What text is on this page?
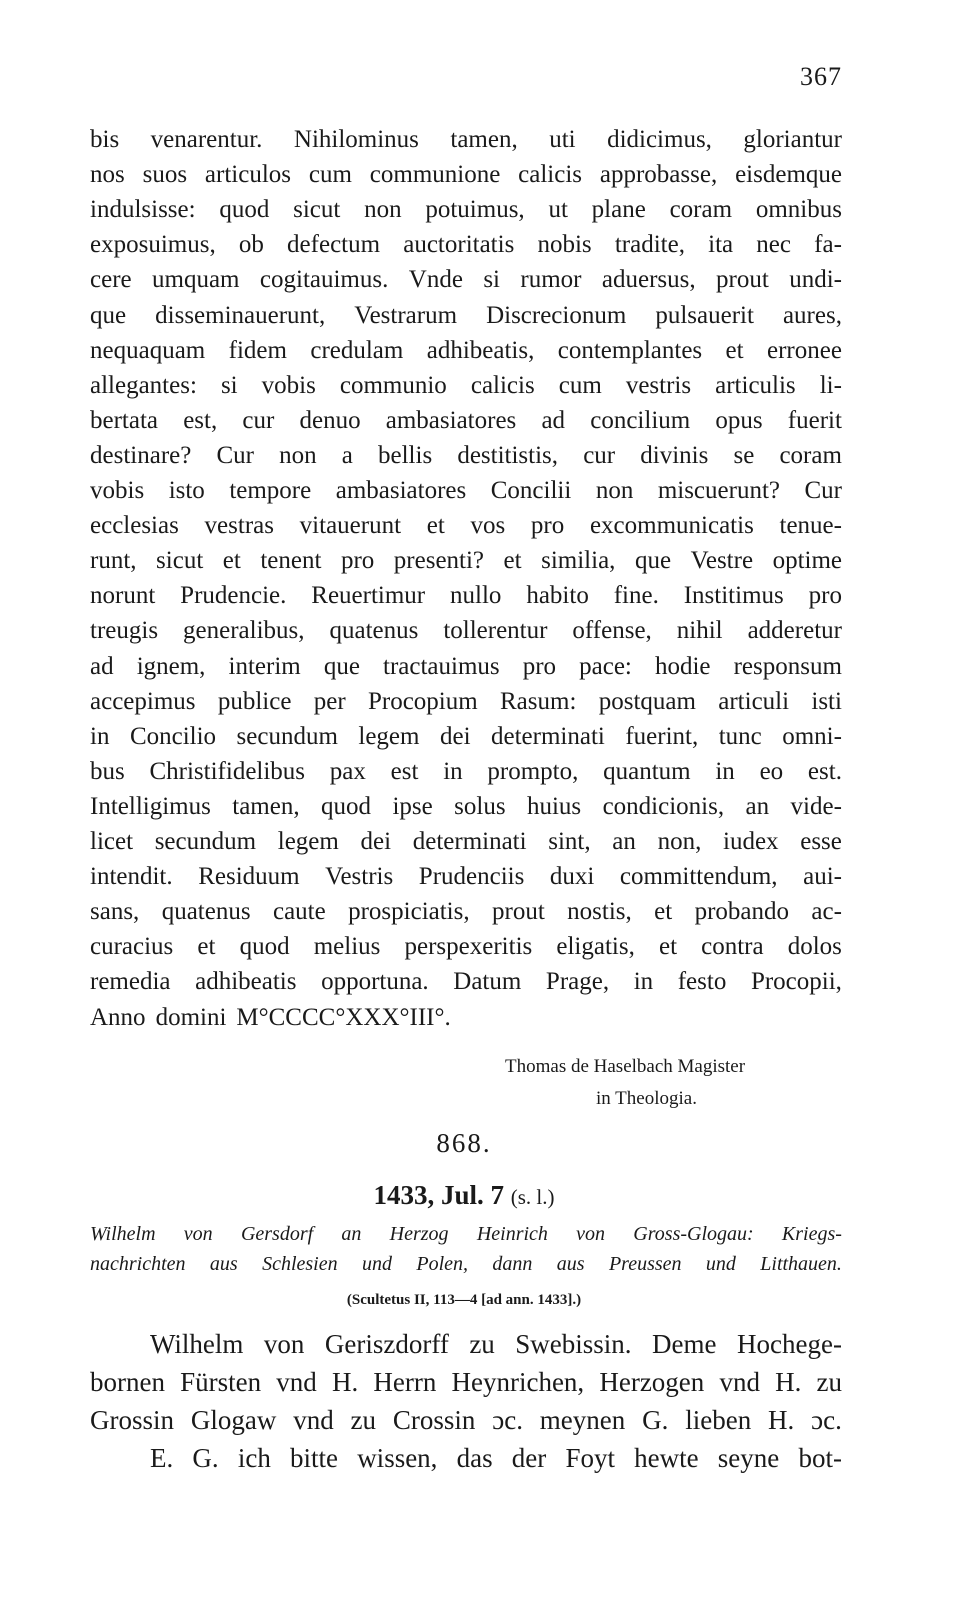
367
bis venarentur. Nihilominus tamen, uti didicimus, gloriantur
nos suos articulos cum communione calicis approbasse, eisdemque
indulsisse: quod sicut non potuimus, ut plane coram omnibus
exposuimus, ob defectum auctoritatis nobis tradite, ita nec fa-
cere umquam cogitauimus. Vnde si rumor aduersus, prout undi-
que disseminauerunt, Vestrarum Discrecionum pulsauerit aures,
nequaquam fidem credulam adhibeatis, contemplantes et erronee
allegantes: si vobis communio calicis cum vestris articulis li-
bertata est, cur denuo ambasiatores ad concilium opus fuerit
destinare? Cur non a bellis destitistis, cur divinis se coram
vobis isto tempore ambasiatores Concilii non miscuerunt? Cur
ecclesias vestras vitauerunt et vos pro excommunicatis tenue-
runt, sicut et tenent pro presenti? et similia, que Vestre optime
norunt Prudencie. Reuertimur nullo habito fine. Institimus pro
treugis generalibus, quatenus tollerentur offense, nihil adderetur
ad ignem, interim que tractauimus pro pace: hodie responsum
accepimus publice per Procopium Rasum: postquam articuli isti
in Concilio secundum legem dei determinati fuerint, tunc omni-
bus Christifidelibus pax est in prompto, quantum in eo est.
Intelligimus tamen, quod ipse solus huius condicionis, an vide-
licet secundum legem dei determinati sint, an non, iudex esse
intendit. Residuum Vestris Prudenciis duxi committendum, aui-
sans, quatenus caute prospiciatis, prout nostis, et probando ac-
curacius et quod melius perspexeritis eligatis, et contra dolos
remedia adhibeatis opportuna. Datum Prage, in festo Procopii,
Anno domini M°CCCC°XXX°III°.
Thomas de Haselbach Magister
in Theologia.
868.
1433, Jul. 7 (s. l.)
Wilhelm von Gersdorf an Herzog Heinrich von Gross-Glogau: Kriegs-
nachrichten aus Schlesien und Polen, dann aus Preussen und Litthauen.
(Scultetus II, 113—4 [ad ann. 1433].)
Wilhelm von Geriszdorff zu Swebissin. Deme Hochege-
bornen Fürsten vnd H. Herrn Heynrichen, Herzogen vnd H. zu
Grossin Glogaw vnd zu Crossin ɔc. meynen G. lieben H. ɔc.
E. G. ich bitte wissen, das der Foyt hewte seyne bot-
